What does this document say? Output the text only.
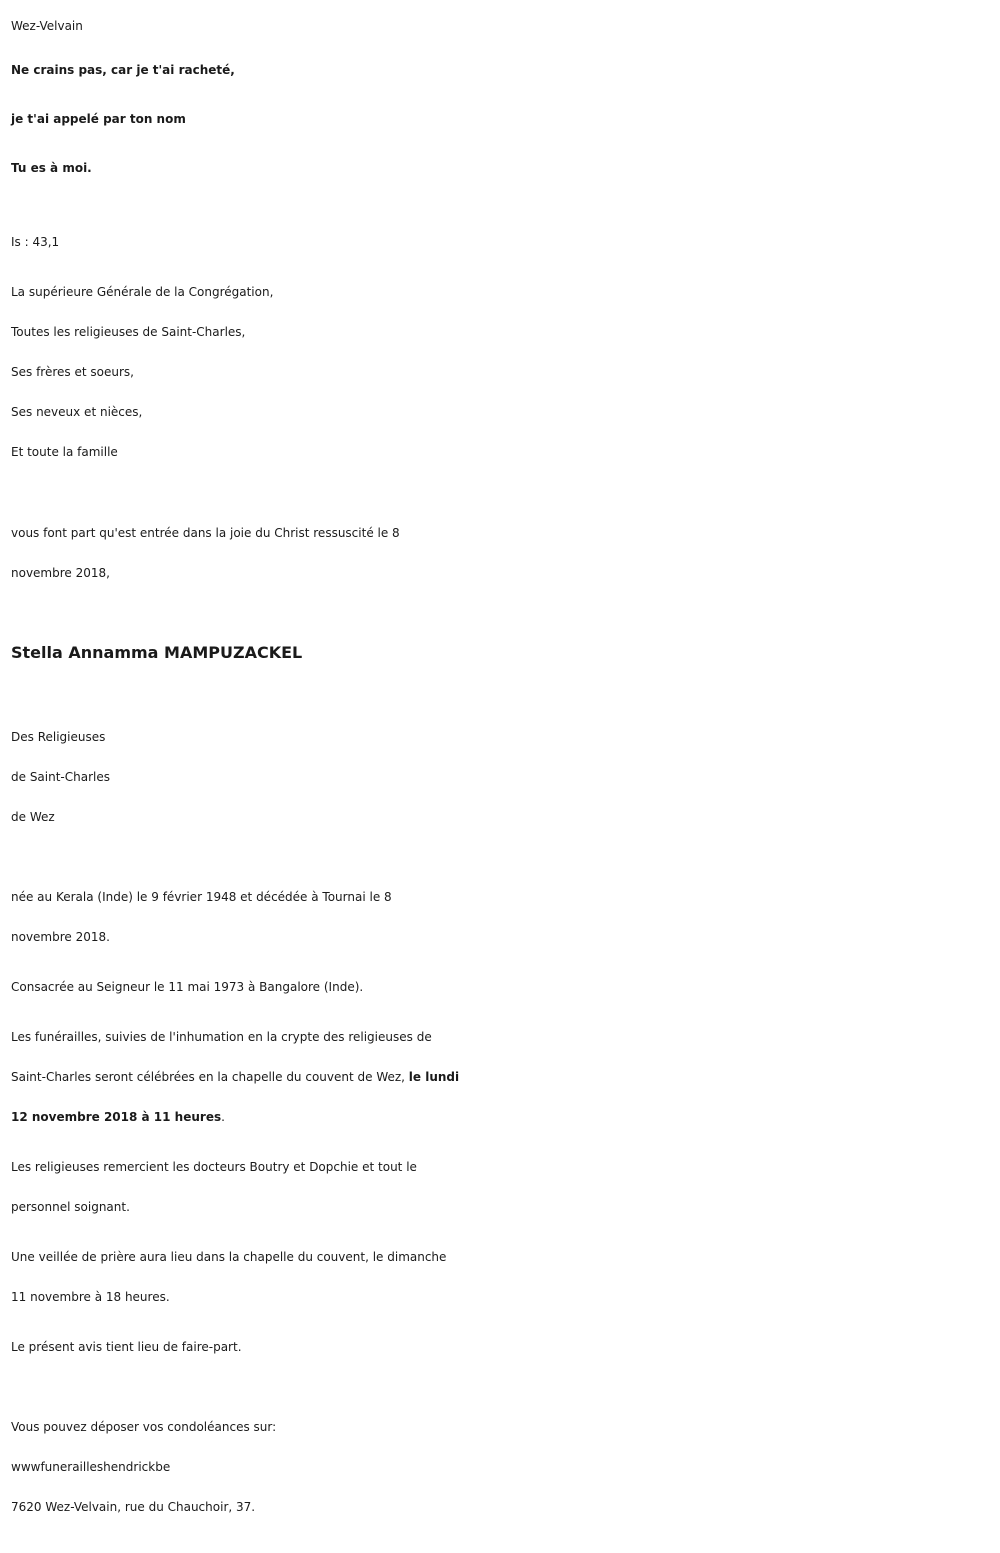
Wez-Velvain
Ne crains pas, car je t'ai racheté,
je t'ai appelé par ton nom
Tu es à moi.
Is : 43,1
La supérieure Générale de la Congrégation,
Toutes les religieuses de Saint-Charles,
Ses frères et soeurs,
Ses neveux et nièces,
Et toute la famille
vous font part qu'est entrée dans la joie du Christ ressuscité le 8
novembre 2018,
Stella Annamma MAMPUZACKEL
Des Religieuses
de Saint-Charles
de Wez
née au Kerala (Inde) le 9 février 1948 et décédée à Tournai le 8
novembre 2018.
Consacrée au Seigneur le 11 mai 1973 à Bangalore (Inde).
Les funérailles, suivies de l'inhumation en la crypte des religieuses de
Saint-Charles seront célébrées en la chapelle du couvent de Wez, le lundi
12 novembre 2018 à 11 heures.
Les religieuses remercient les docteurs Boutry et Dopchie et tout le
personnel soignant.
Une veillée de prière aura lieu dans la chapelle du couvent, le dimanche
11 novembre à 18 heures.
Le présent avis tient lieu de faire-part.
Vous pouvez déposer vos condoléances sur:
wwwfunerailleshendrickbe
7620 Wez-Velvain, rue du Chauchoir, 37.
